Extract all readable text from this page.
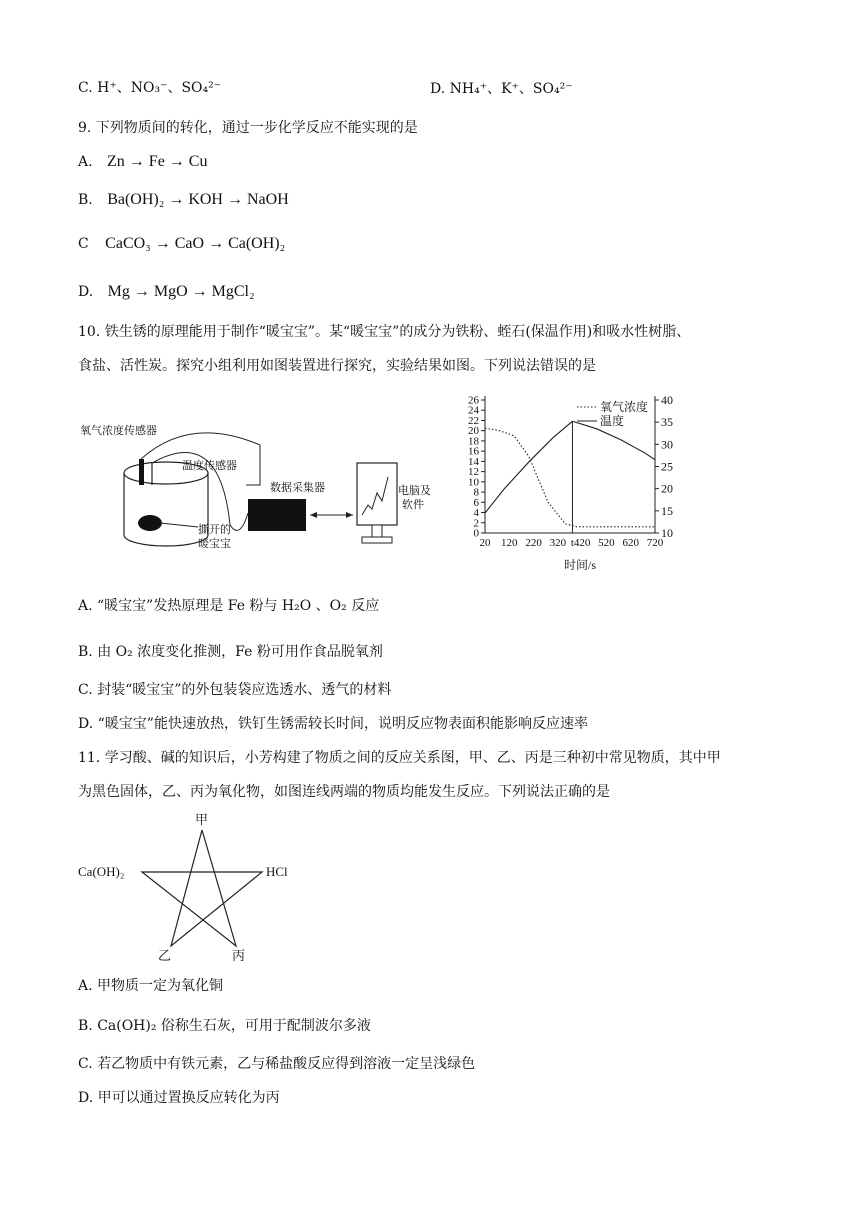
C. H⁺、NO₃⁻、SO₄²⁻	D. NH₄⁺、K⁺、SO₄²⁻
9. 下列物质间的转化，通过一步化学反应不能实现的是
A. Zn → Fe → Cu
B. Ba(OH)₂ → KOH → NaOH
C CaCO₃ → CaO → Ca(OH)₂
D. Mg → MgO → MgCl₂
10. 铁生锈的原理能用于制作“暖宝宝”。某“暖宝宝”的成分为铁粉、蛭石(保温作用)和吸水性树脂、
食盐、活性炭。探究小组利用如图装置进行探究，实验结果如图。下列说法错误的是
撕开的
暖宝宝
氧气浓度传感器
温度传感器
数据采集器	电脑及
软件
0
2
4
6
8
10
12
14
16
18
20
22
24
26
10
15
20
25
30
35
40
20 120 220 320 t 420 520 620 720
时间/s
氧气浓度
温度
A. “暖宝宝”发热原理是 Fe 粉与 H₂O 、O₂ 反应
B. 由 O₂ 浓度变化推测，Fe 粉可用作食品脱氧剂
C. 封装“暖宝宝”的外包装袋应选透水、透气的材料
D. “暖宝宝”能快速放热，铁钉生锈需较长时间，说明反应物表面积能影响反应速率
11. 学习酸、碱的知识后，小芳构建了物质之间的反应关系图，甲、乙、丙是三种初中常见物质，其中甲
为黑色固体，乙、丙为氧化物，如图连线两端的物质均能发生反应。下列说法正确的是
甲
Ca(OH)₂	HCl
乙	丙
A. 甲物质一定为氧化铜
B. Ca(OH)₂ 俗称生石灰，可用于配制波尔多液
C. 若乙物质中有铁元素，乙与稀盐酸反应得到溶液一定呈浅绿色
D. 甲可以通过置换反应转化为丙
